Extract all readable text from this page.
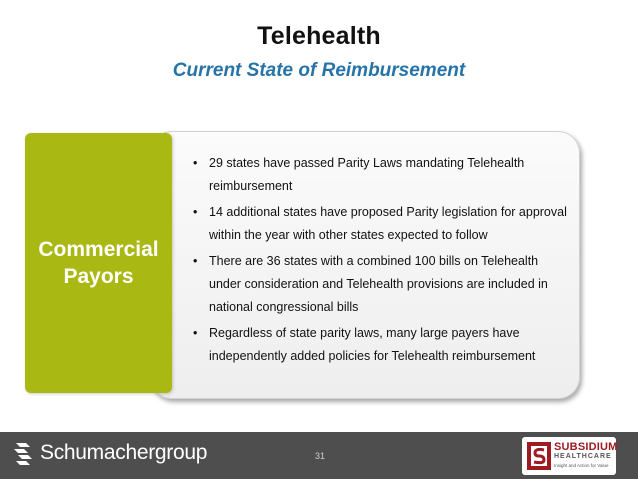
Telehealth
Current State of Reimbursement
Commercial
Payors
• 29 states have passed Parity Laws mandating Telehealth reimbursement
• 14 additional states have proposed Parity legislation for approval within the year with other states expected to follow
• There are 36 states with a combined 100 bills on Telehealth under consideration and Telehealth provisions are included in national congressional bills
• Regardless of state parity laws, many large payers have independently added policies for Telehealth reimbursement
Schumachergroup	31
SUBSIDIUM
HEALTHCARE
Insight and Action for Value
